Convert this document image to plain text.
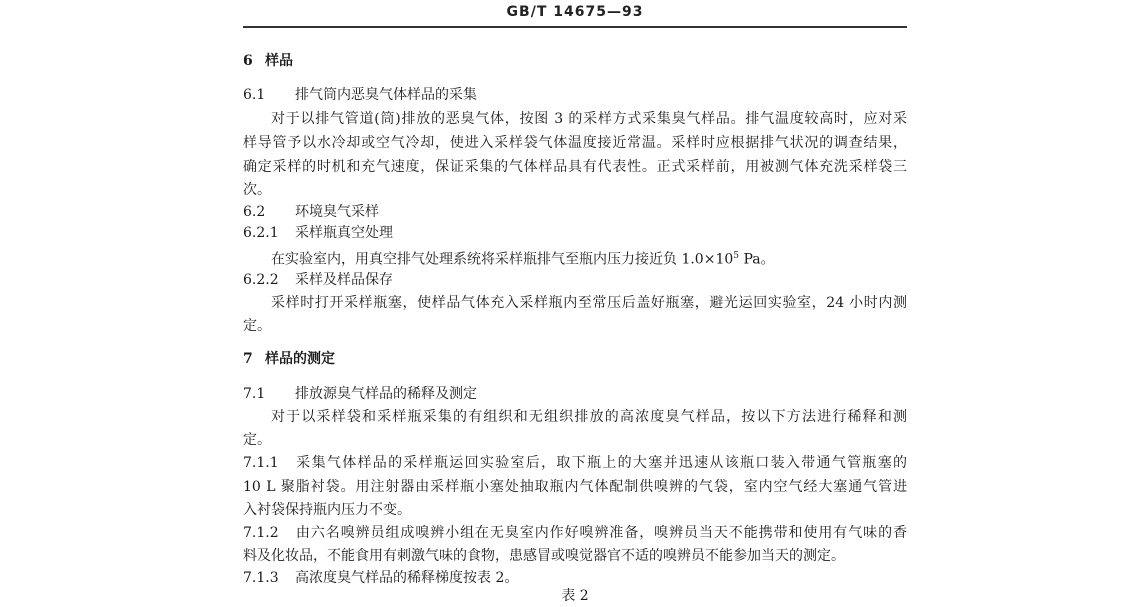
GB/T 14675—93
6 样品
6.1 排气筒内恶臭气体样品的采集
对于以排气管道(筒)排放的恶臭气体，按图 3 的采样方式采集臭气样品。排气温度较高时，应对采
样导管予以水冷却或空气冷却，使进入采样袋气体温度接近常温。采样时应根据排气状况的调查结果，
确定采样的时机和充气速度，保证采集的气体样品具有代表性。正式采样前，用被测气体充洗采样袋三
次。
6.2 环境臭气采样
6.2.1 采样瓶真空处理
在实验室内，用真空排气处理系统将采样瓶排气至瓶内压力接近负 $1.0\times 10^5$ Pa。
6.2.2 采样及样品保存
采样时打开采样瓶塞，使样品气体充入采样瓶内至常压后盖好瓶塞，避光运回实验室，24 小时内测
定。
7 样品的测定
7.1 排放源臭气样品的稀释及测定
对于以采样袋和采样瓶采集的有组织和无组织排放的高浓度臭气样品，按以下方法进行稀释和测
定。
7.1.1 采集气体样品的采样瓶运回实验室后，取下瓶上的大塞并迅速从该瓶口装入带通气管瓶塞的
10 L 聚脂衬袋。用注射器由采样瓶小塞处抽取瓶内气体配制供嗅辨的气袋，室内空气经大塞通气管进
入衬袋保持瓶内压力不变。
7.1.2 由六名嗅辨员组成嗅辨小组在无臭室内作好嗅辨准备，嗅辨员当天不能携带和使用有气味的香
料及化妆品，不能食用有刺激气味的食物，患感冒或嗅觉器官不适的嗅辨员不能参加当天的测定。
7.1.3 高浓度臭气样品的稀释梯度按表 2。
表 2
